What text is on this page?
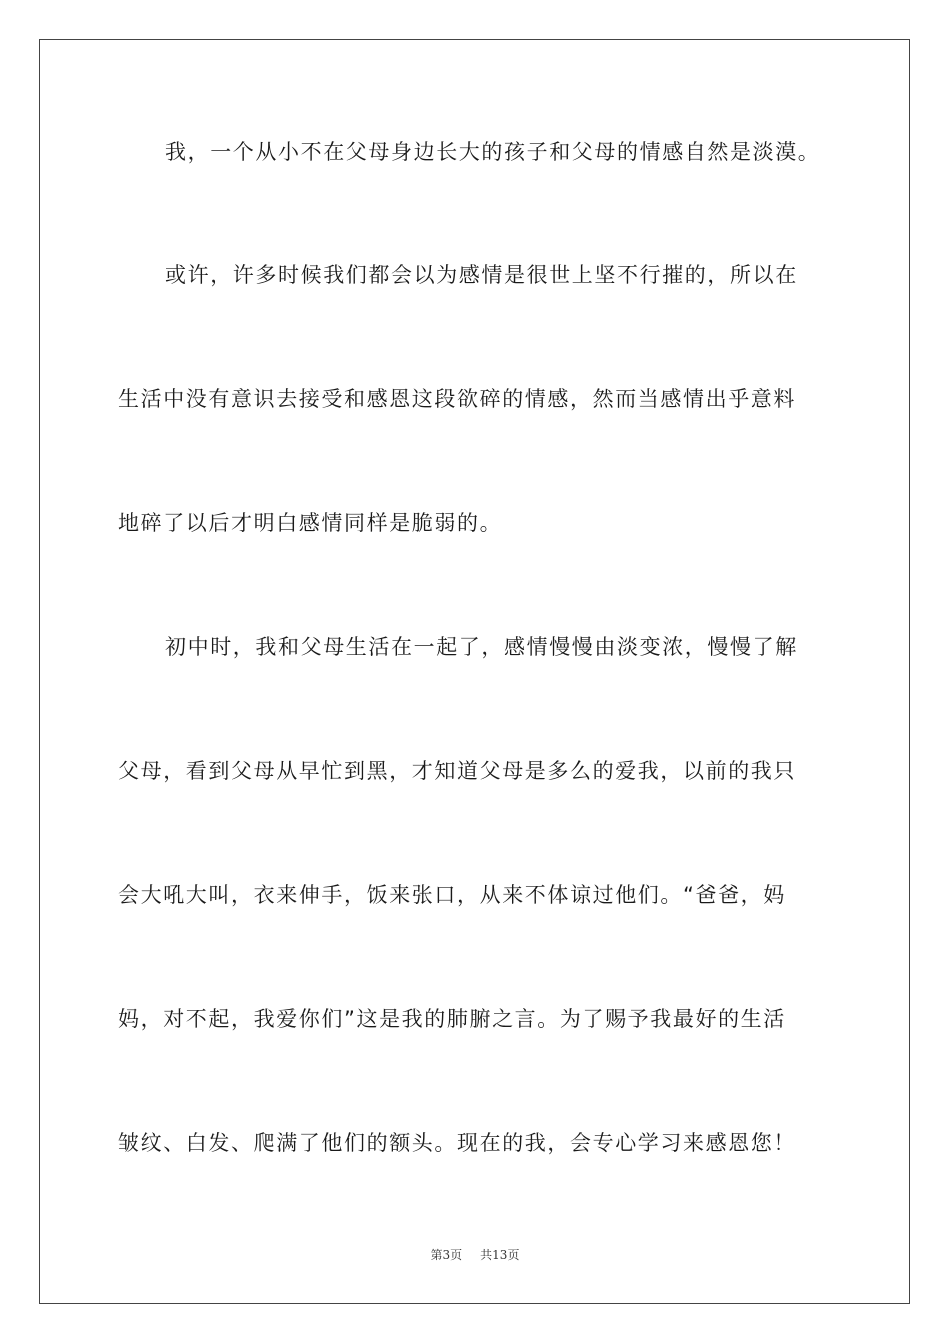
我，一个从小不在父母身边长大的孩子和父母的情感自然是淡漠。
或许，许多时候我们都会以为感情是很世上坚不行摧的，所以在
生活中没有意识去接受和感恩这段欲碎的情感，然而当感情出乎意料
地碎了以后才明白感情同样是脆弱的。
初中时，我和父母生活在一起了，感情慢慢由淡变浓，慢慢了解
父母，看到父母从早忙到黑，才知道父母是多么的爱我，以前的我只
会大吼大叫，衣来伸手，饭来张口，从来不体谅过他们。“爸爸，妈
妈，对不起，我爱你们”这是我的肺腑之言。为了赐予我最好的生活
皱纹、白发、爬满了他们的额头。现在的我，会专心学习来感恩您！
第3页 共13页
